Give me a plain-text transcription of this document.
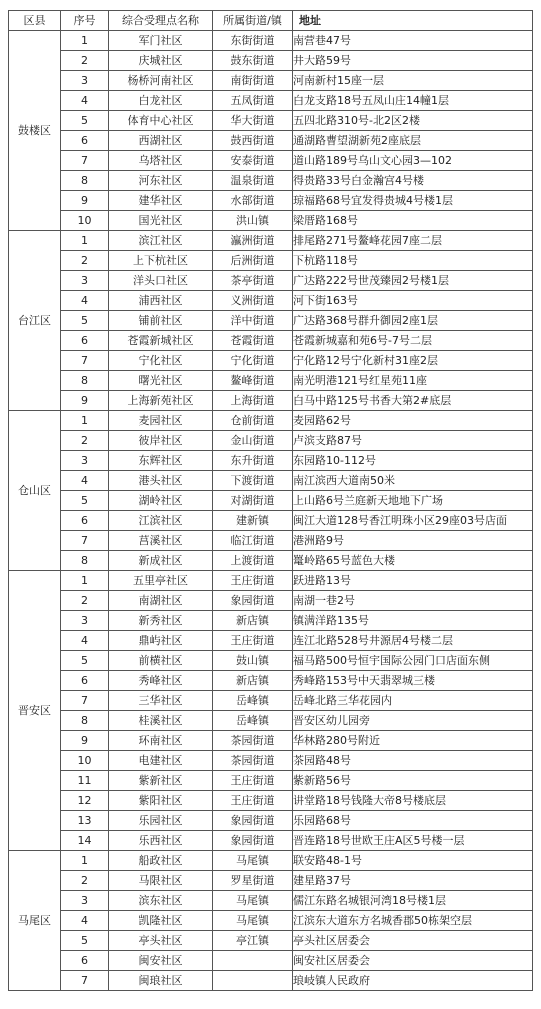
区县	序号	综合受理点名称	所属街道/镇	地址
鼓楼区	1	军门社区	东街街道	南营巷47号
	2	庆城社区	鼓东街道	井大路59号
	3	杨桥河南社区	南街街道	河南新村15座一层
	4	白龙社区	五凤街道	白龙支路18号五凤山庄14幢1层
	5	体育中心社区	华大街道	五四北路310号-北2区2楼
	6	西湖社区	鼓西街道	通湖路曹望湖新苑2座底层
	7	乌塔社区	安泰街道	道山路189号乌山文心园3—102
	8	河东社区	温泉街道	得贵路33号白金瀚宫4号楼
	9	建华社区	水部街道	琼福路68号宜发得贵城4号楼1层
	10	国光社区	洪山镇	梁厝路168号
台江区	1	滨江社区	瀛洲街道	排尾路271号鳌峰花园7座二层
	2	上下杭社区	后洲街道	下杭路118号
	3	洋头口社区	茶亭街道	广达路222号世茂臻园2号楼1层
	4	浦西社区	义洲街道	河下街163号
	5	铺前社区	洋中街道	广达路368号群升御园2座1层
	6	苍霞新城社区	苍霞街道	苍霞新城嘉和苑6号-7号二层
	7	宁化社区	宁化街道	宁化路12号宁化新村31座2层
	8	曙光社区	鳌峰街道	南光明港121号红星苑11座
	9	上海新苑社区	上海街道	白马中路125号书香大第2#底层
仓山区	1	麦园社区	仓前街道	麦园路62号
	2	彼岸社区	金山街道	卢滨支路87号
	3	东辉社区	东升街道	东园路10-112号
	4	港头社区	下渡街道	南江滨西大道南50米
	5	湖岭社区	对湖街道	上山路6号兰庭新天地地下广场
	6	江滨社区	建新镇	闽江大道128号香江明珠小区29座03号店面
	7	莒溪社区	临江街道	港洲路9号
	8	新成社区	上渡街道	鼍岭路65号蓝色大楼
晋安区	1	五里亭社区	王庄街道	跃进路13号
	2	南湖社区	象园街道	南湖一巷2号
	3	新秀社区	新店镇	镇满洋路135号
	4	鼎屿社区	王庄街道	连江北路528号井源居4号楼二层
	5	前横社区	鼓山镇	福马路500号恒宇国际公园门口店面东侧
	6	秀峰社区	新店镇	秀峰路153号中天翡翠城三楼
	7	三华社区	岳峰镇	岳峰北路三华花园内
	8	桂溪社区	岳峰镇	晋安区幼儿园旁
	9	环南社区	茶园街道	华林路280号附近
	10	电建社区	茶园街道	茶园路48号
	11	紫新社区	王庄街道	紫新路56号
	12	紫阳社区	王庄街道	讲堂路18号钱隆大帝8号楼底层
	13	乐园社区	象园街道	乐园路68号
	14	乐西社区	象园街道	晋连路18号世欧王庄A区5号楼一层
马尾区	1	船政社区	马尾镇	联安路48-1号
	2	马限社区	罗星街道	建星路37号
	3	滨东社区	马尾镇	儒江东路名城银河湾18号楼1层
	4	凯隆社区	马尾镇	江滨东大道东方名城香郡50栋架空层
	5	亭头社区	亭江镇	亭头社区居委会
	6	闽安社区		闽安社区居委会
	7	闽琅社区		琅岐镇人民政府
